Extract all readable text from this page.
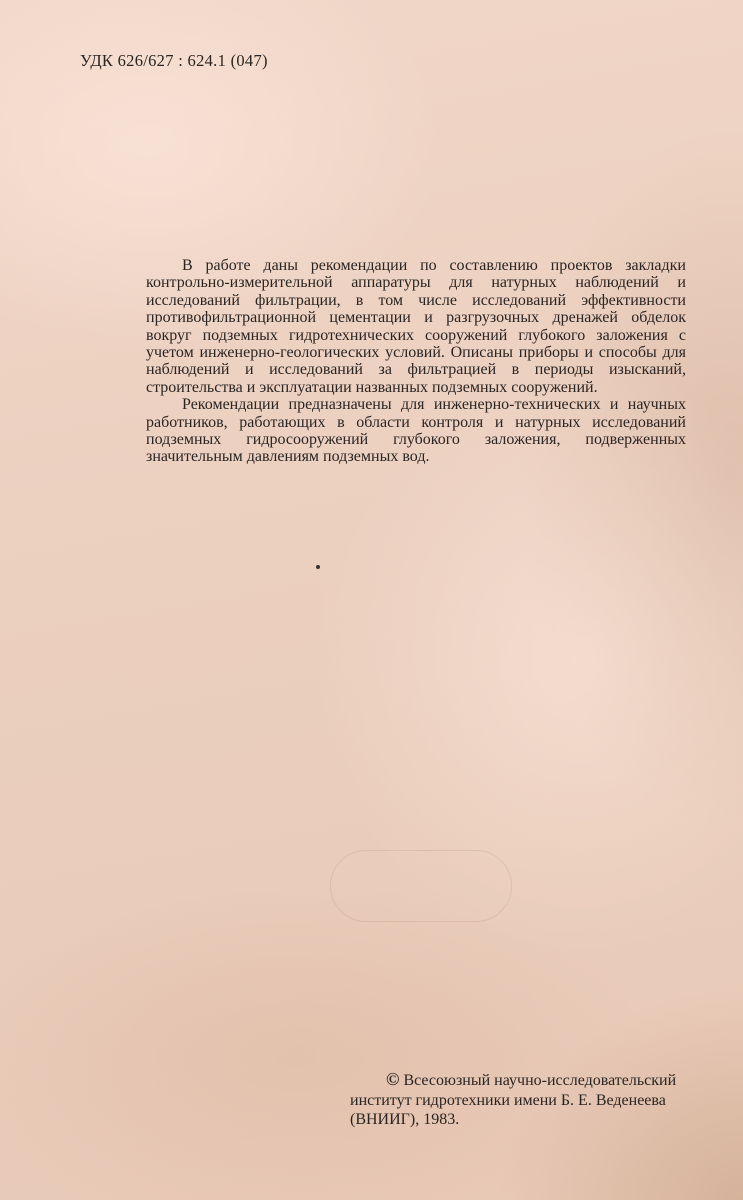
УДК 626/627 : 624.1 (047)

В работе даны рекомендации по составлению проектов закладки контрольно-измерительной аппаратуры для натурных наблюдений и исследований фильтрации, в том числе исследований эффективности противофильтрационной цементации и разгрузочных дренажей обделок вокруг подземных гидротехнических сооружений глубокого заложения с учетом инженерно-геологических условий. Описаны приборы и способы для наблюдений и исследований за фильтрацией в периоды изысканий, строительства и эксплуатации названных подземных сооружений.

Рекомендации предназначены для инженерно-технических и научных работников, работающих в области контроля и натурных исследований подземных гидросооружений глубокого заложения, подверженных значительным давлениям подземных вод.

© Всесоюзный научно-исследовательский
институт гидротехники имени Б. Е. Веденеева
(ВНИИГ), 1983.
